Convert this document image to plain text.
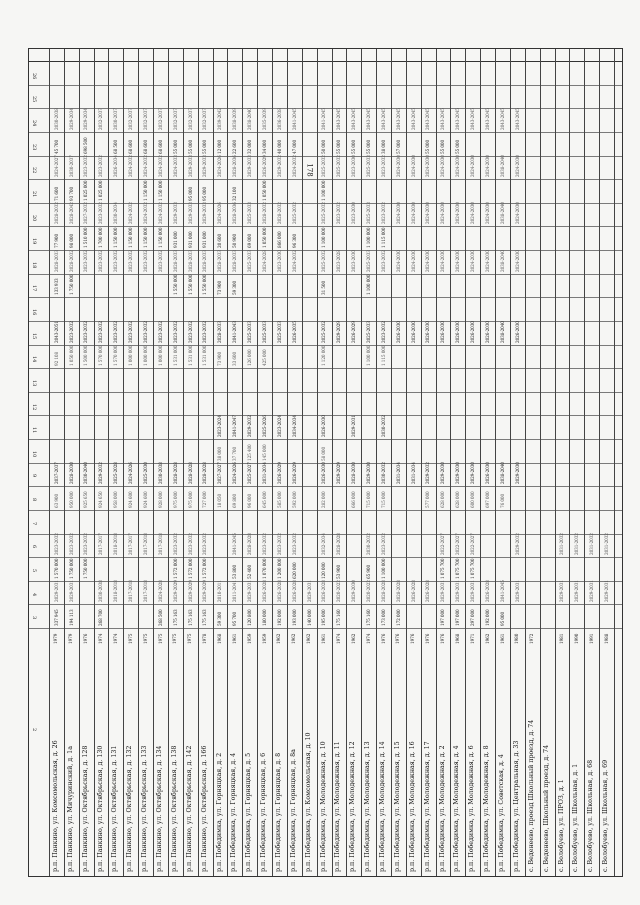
178
2
3
4
5
6
7
8
9
10
11
12
13
14
15
16
17
18
19
20
21
22
23
24
25
26
р.п. Панкино, ул. Комсомольская, д. 26
1979
337 945
2029-2031
1 570 000
2023-2032
63 900
2037-2037
92 108
2043-2051
133 933
2028-2033
77 900
2028-2032
71 600
2024-2027
45 700
2030-2038
р.п. Панкино, ул. Мичуринский, д. 1а
1979
194 113
2029-2031
1 750 000
2023-2032
950 000
2028-2030
1 050 000
2023-2032
1 750 000
2028-2032
98 000
2028-2042
93 700
2030-2037
2029-2034
р.п. Панкино, ул. Октябрьская, д. 128
1976
1 750 000
2023-2032
925 650
2030-2040
1 500 000
2023-2032
2023-2032
1 510 000
2027-2032
1 025 000
2023-2032
698 500
2029-2034
р.п. Панкино, ул. Октябрьская, д. 130
1974
268 700
2030-2038
2017-2017
924 650
2029-2032
1 570 000
2023-2032
2023-2032
1 700 000
2023-2032
1 025 000
2023-2032
2032-2037
р.п. Панкино, ул. Октябрьская, д. 131
1974
2018-2018
2018-2018
958 000
2025-2028
1 570 000
2023-2032
2023-2032
1 150 000
2030-2034
2026-2034
68 500
2030-2037
р.п. Панкино, ул. Октябрьская, д. 132
1975
2017-2018
2017-2017
924 600
2024-2026
1 000 000
2023-2032
2023-2032
1 150 000
2024-2032
2024-2032
68 600
2032-2037
р.п. Панкино, ул. Октябрьская, д. 133
1975
2017-2018
2017-2018
924 600
2025-2030
1 000 000
2023-2032
2023-2032
1 150 000
2024-2032
1 150 000
2024-2032
68 600
2032-2037
р.п. Панкино, ул. Октябрьская, д. 134
1975
268 500
2024-2028
2017-2018
928 000
2030-2038
1 000 000
2023-2032
2023-2032
1 150 000
2024-2032
1 150 000
2024-2032
68 600
2032-2037
р.п. Панкино, ул. Октябрьская, д. 138
1975
175 163
2029-2029
1 572 000
2023-2032
975 000
2028-2028
1 531 000
2023-2032
1 550 000
2028-2033
931 000
2029-2033
2024-2033
55 000
2032-2037
р.п. Панкино, ул. Октябрьская, д. 142
1975
175 163
2029-2029
1 572 000
2023-2032
975 000
2028-2028
1 531 000
2023-2032
1 550 000
2028-2033
931 000
2029-2033
95 000
2029-2033
55 000
2032-2037
р.п. Панкино, ул. Октябрьская, д. 166
1978
175 163
2029-2029
1 572 000
2023-2032
727 000
2028-2028
1 531 000
2023-2032
1 550 000
2028-2033
931 000
2029-2033
95 000
2029-2033
55 000
2032-2037
р.п. Победимка, ул. Горняцкая, д. 2
1968
59 300
2010-2011
18 050
2027-2027
38 000
2023-2024
73 900
2028-2033
73 900
2028-2033
20 600
2024-2026
2024-2026
12 000
2039-2042
р.п. Победимка, ул. Горняцкая, д. 4
1961
95 700
2011-2041
53 800
2041-2045
69 800
2024-2026
37 700
2041-2047
33 600
2041-2043
59 300
2028-2033
50 900
2028-2036
32 100
2028-2036
22 600
2038-2039
р.п. Победимка, ул. Горняцкая, д. 5
1959
120 800
2029-2031
52 400
2028-2028
96 000
2025-2027
125 400
2029-2032
126 000
2025-2033
2025-2033
69 000
2025-2033
2029-2033
32 000
2038-2040
р.п. Победимка, ул. Горняцкая, д. 6
1959
180 000
2026-2028
1 070 000
2023-2032
645 000
2031-2034
145 000
2025-2026
425 000
2025-2033
2024-2028
1 050 000
2028-2032
1 050 000
2026-2029
34 000
2035-2039
р.п. Победимка, ул. Горняцкая, д. 8
1962
192 000
2026-2028
1 200 000
2023-2032
585 000
2026-2029
2023-2024
2025-2033
2023-2030
866 000
2028-2032
2029-2032
40 000
2036-2038
р.п. Победимка, ул. Горняцкая, д. 8а
1962
193 000
2026-2028
620 000
2023-2032
592 000
2026-2029
2034-2034
2026-2035
2024-2032
96 300
2025-2032
2024-2032
47 000
2041-2045
р.п. Победимка, ул. Комсомольская, д. 10
1962
140 000
2029-2031
р.п. Победимка, ул. Молодежная, д. 10
1961
195 000
2026-2028
120 000
2032-2034
282 000
2026-2030
58 000
2026-2030
1 120 000
2025-2032
31 500
2025-2032
1 100 000
2025-2032
1 100 000
2025-2032
50 000
2041-2045
р.п. Победимка, ул. Молодежная, д. 11
1974
175 160
2020-2022
53 900
2028-2028
2029-2029
2029-2029
2023-2028
2023-2032
2025-2032
55 000
2043-2045
р.п. Победимка, ул. Молодежная, д. 12
1962
2029-2030
666 000
2028-2030
2029-2031
2026-2029
2023-2030
2023-2030
2023-2030
55 000
2043-2045
р.п. Победимка, ул. Молодежная, д. 13
1974
175 160
2020-2022
65 900
2030-2032
715 000
2029-2030
1 100 000
2025-2033
1 100 000
2025-2033
1 100 000
2025-2033
2025-2033
55 000
2043-2045
р.п. Победимка, ул. Молодежная, д. 14
1976
173 000
2028-2028
1 100 000
2023-2032
715 000
2030-2032
2030-2032
1 115 000
2023-2032
2023-2032
1 115 000
2023-2032
2023-2032
38 000
2043-2045
р.п. Победимка, ул. Молодежная, д. 15
1976
172 000
2028-2028
2031-2034
2026-2030
2024-2030
2024-2030
2024-2030
57 000
2043-2045
р.п. Победимка, ул. Молодежная, д. 16
1976
2026-2028
2031-2034
2026-2030
2024-2030
2024-2030
2024-2030
2043-2045
р.п. Победимка, ул. Молодежная, д. 17
1976
2026-2028
577 000
2029-2032
2026-2030
2024-2030
2024-2030
2024-2030
55 000
2043-2045
р.п. Победимка, ул. Молодежная, д. 2
1976
197 000
2029-2031
1 075 700
2022-2027
628 000
2029-2030
2026-2030
2024-2030
2024-2030
2024-2030
55 000
2043-2045
р.п. Победимка, ул. Молодежная, д. 4
1968
197 000
2029-2031
1 075 700
2022-2027
628 000
2029-2030
2026-2030
2024-2030
2024-2030
2024-2030
55 000
2043-2045
р.п. Победимка, ул. Молодежная, д. 6
1971
297 000
2029-2031
1 075 700
2022-2027
600 000
2029-2030
2026-2030
2024-2030
2024-2030
2024-2030
2043-2045
р.п. Победимка, ул. Молодежная, д. 8
1962
192 000
2026-2028
697 000
2026-2030
2026-2030
2024-2030
2024-2030
2024-2030
2043-2045
р.п. Победимка, ул. Советская, д. 4
1961
95 000
2041-2045
76 000
2038-2040
2038-2040
2038-2040
2038-2040
2038-2040
2043-2045
р.п. Победимка, ул. Центральная, д. 33
1980
2029-2031
2029-2032
2029-2030
2026-2030
2024-2030
2024-2030
2024-2030
2043-2045
с. Веденеево, проезд Школьный проезд, д. 74
1972
с. Веденеево, Школьный проезд, д. 74 с. Волобуево, ул. ПРОЗ, д. 1
1981
2029-2031
2031-2032
с. Волобуево, ул. Школьная, д. 1
1990
2029-2031
2031-2032
с. Волобуево, ул. Школьная, д. 68
1991
2029-2031
2031-2032
с. Волобуево, ул. Школьная, д. 69
1988
2029-2031
2031-2032
